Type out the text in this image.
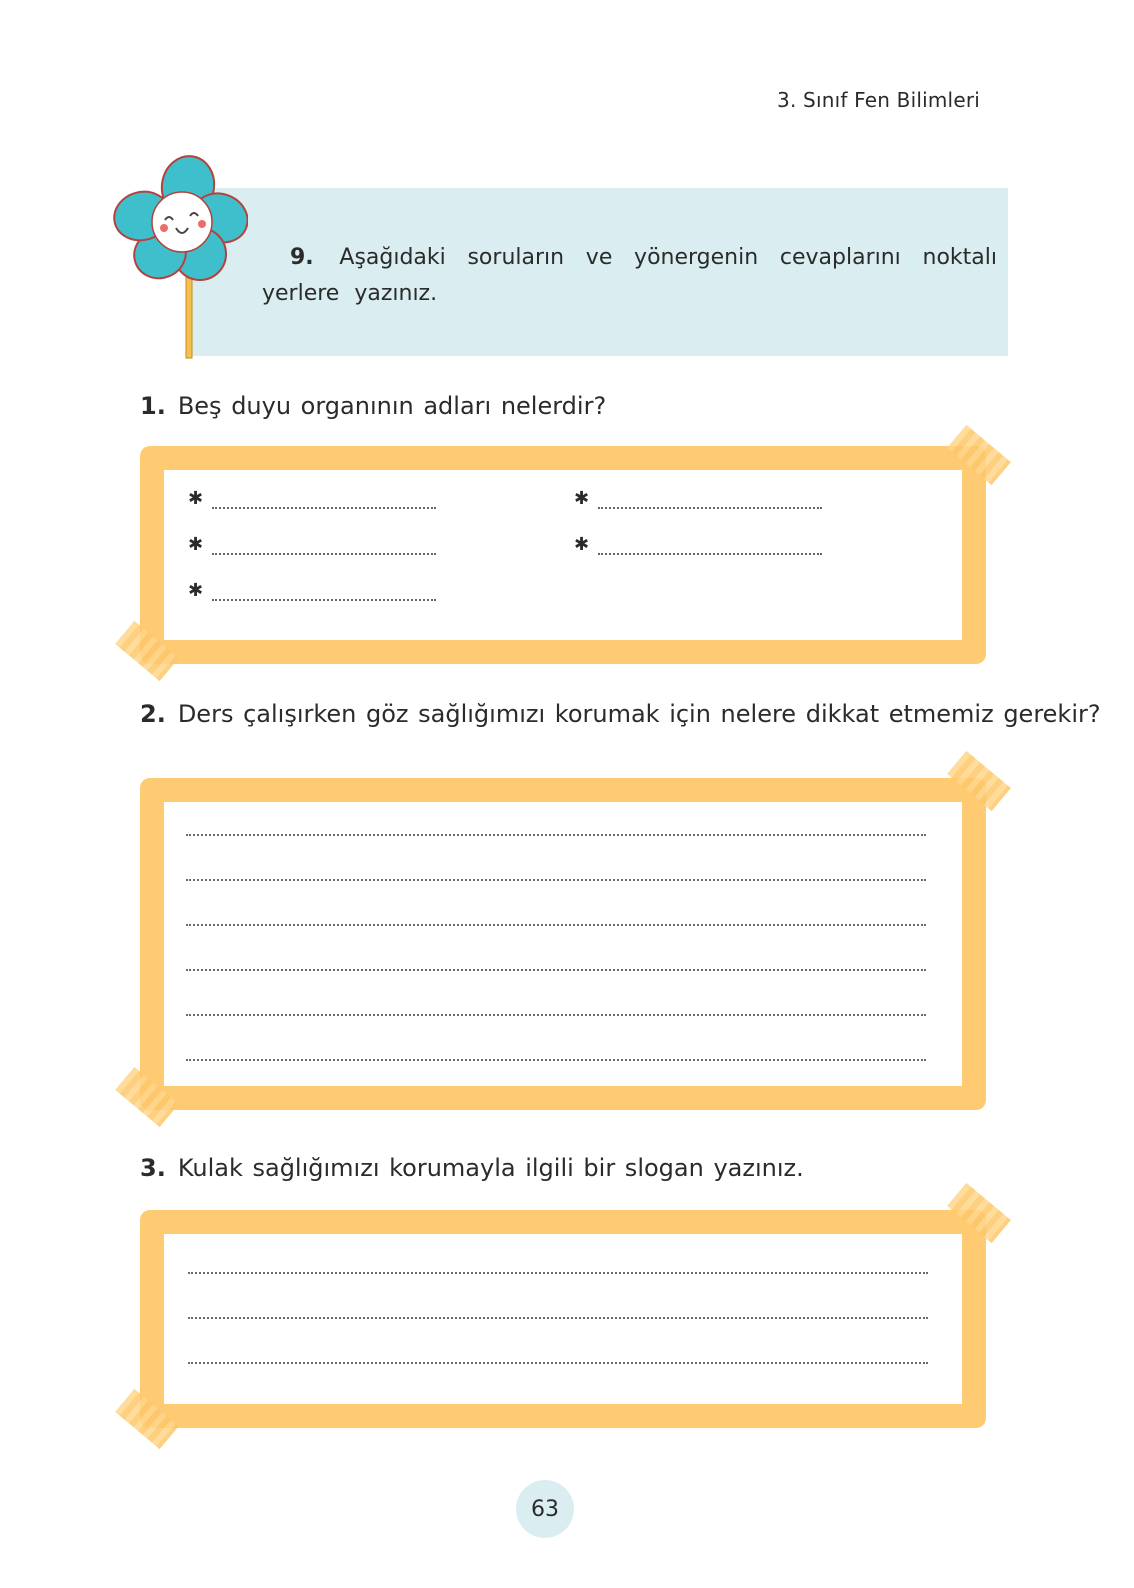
3. Sınıf Fen Bilimleri
9. Aşağıdaki soruların ve yönergenin cevaplarını noktalı yerlere yazınız.
1. Beş duyu organının adları nelerdir?
✱
✱
✱
✱
✱
2. Ders çalışırken göz sağlığımızı korumak için nelere dikkat etmemiz gerekir?
3. Kulak sağlığımızı korumayla ilgili bir slogan yazınız.
63
